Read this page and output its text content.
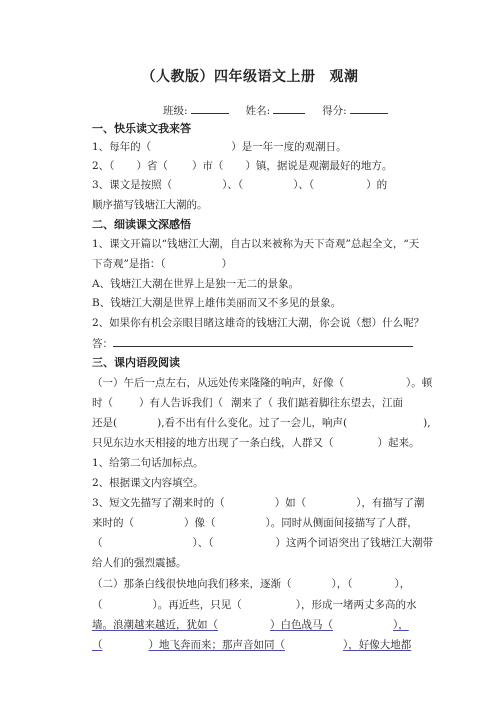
（人教版）四年级语文上册 观潮
班级:	姓名:	得分:
一、快乐读文我来答
1、每年的（	）是一年一度的观潮日。
2、（ ）省（ ）市（ ）镇，据说是观潮最好的地方。
3、课文是按照（	）、（	）、（	）的
顺序描写钱塘江大潮的。
二、细读课文深感悟
1、课文开篇以“钱塘江大潮，自古以来被称为天下奇观”总起全文，“天
下奇观”是指：（	）
A、钱塘江大潮在世界上是独一无二的景象。
B、钱塘江大潮是世界上雄伟美丽而又不多见的景象。
2、如果你有机会亲眼目睹这雄奇的钱塘江大潮，你会说（想）什么呢？
答：
三、课内语段阅读
（一）午后一点左右，从远处传来隆隆的响声，好像（	）。顿
时（ ）有人告诉我们（ 潮来了（ 我们踮着脚往东望去，江面
还是(	),看不出有什么变化。过了一会儿，响声(	),
只见东边水天相接的地方出现了一条白线，人群又（	）起来。
1、给第二句话加标点。
2、根据课文内容填空。
3、短文先描写了潮来时的（	）如（	），有描写了潮
来时的（	）像（	）。同时从侧面间接描写了人群，
（	）、（	）这两个词语突出了钱塘江大潮带
给人们的强烈震撼。
（二）那条白线很快地向我们移来，逐渐（	），（	），
（	）。再近些，只见（	），形成一堵两丈多高的水
墙。浪潮越来越近，犹如（	）白色战马（	），
（	）地飞奔而来；那声音如同（	），好像大地都
